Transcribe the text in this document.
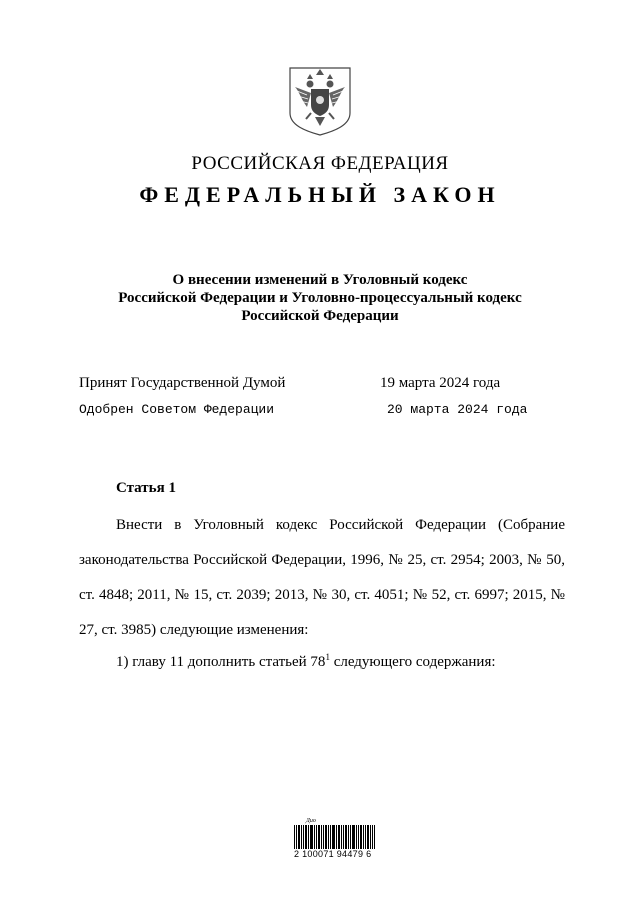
РОССИЙСКАЯ ФЕДЕРАЦИЯ
ФЕДЕРАЛЬНЫЙ ЗАКОН
О внесении изменений в Уголовный кодекс
Российской Федерации и Уголовно-процессуальный кодекс
Российской Федерации
Принят Государственной Думой	19 марта 2024 года
Одобрен Советом Федерации	20 марта 2024 года
Статья 1
Внести в Уголовный кодекс Российской Федерации (Собрание законодательства Российской Федерации, 1996, № 25, ст. 2954; 2003, № 50, ст. 4848; 2011, № 15, ст. 2039; 2013, № 30, ст. 4051; № 52, ст. 6997; 2015, № 27, ст. 3985) следующие изменения:
1) главу 11 дополнить статьей $78^1$ следующего содержания:
Дио
2 100071 94479 6
